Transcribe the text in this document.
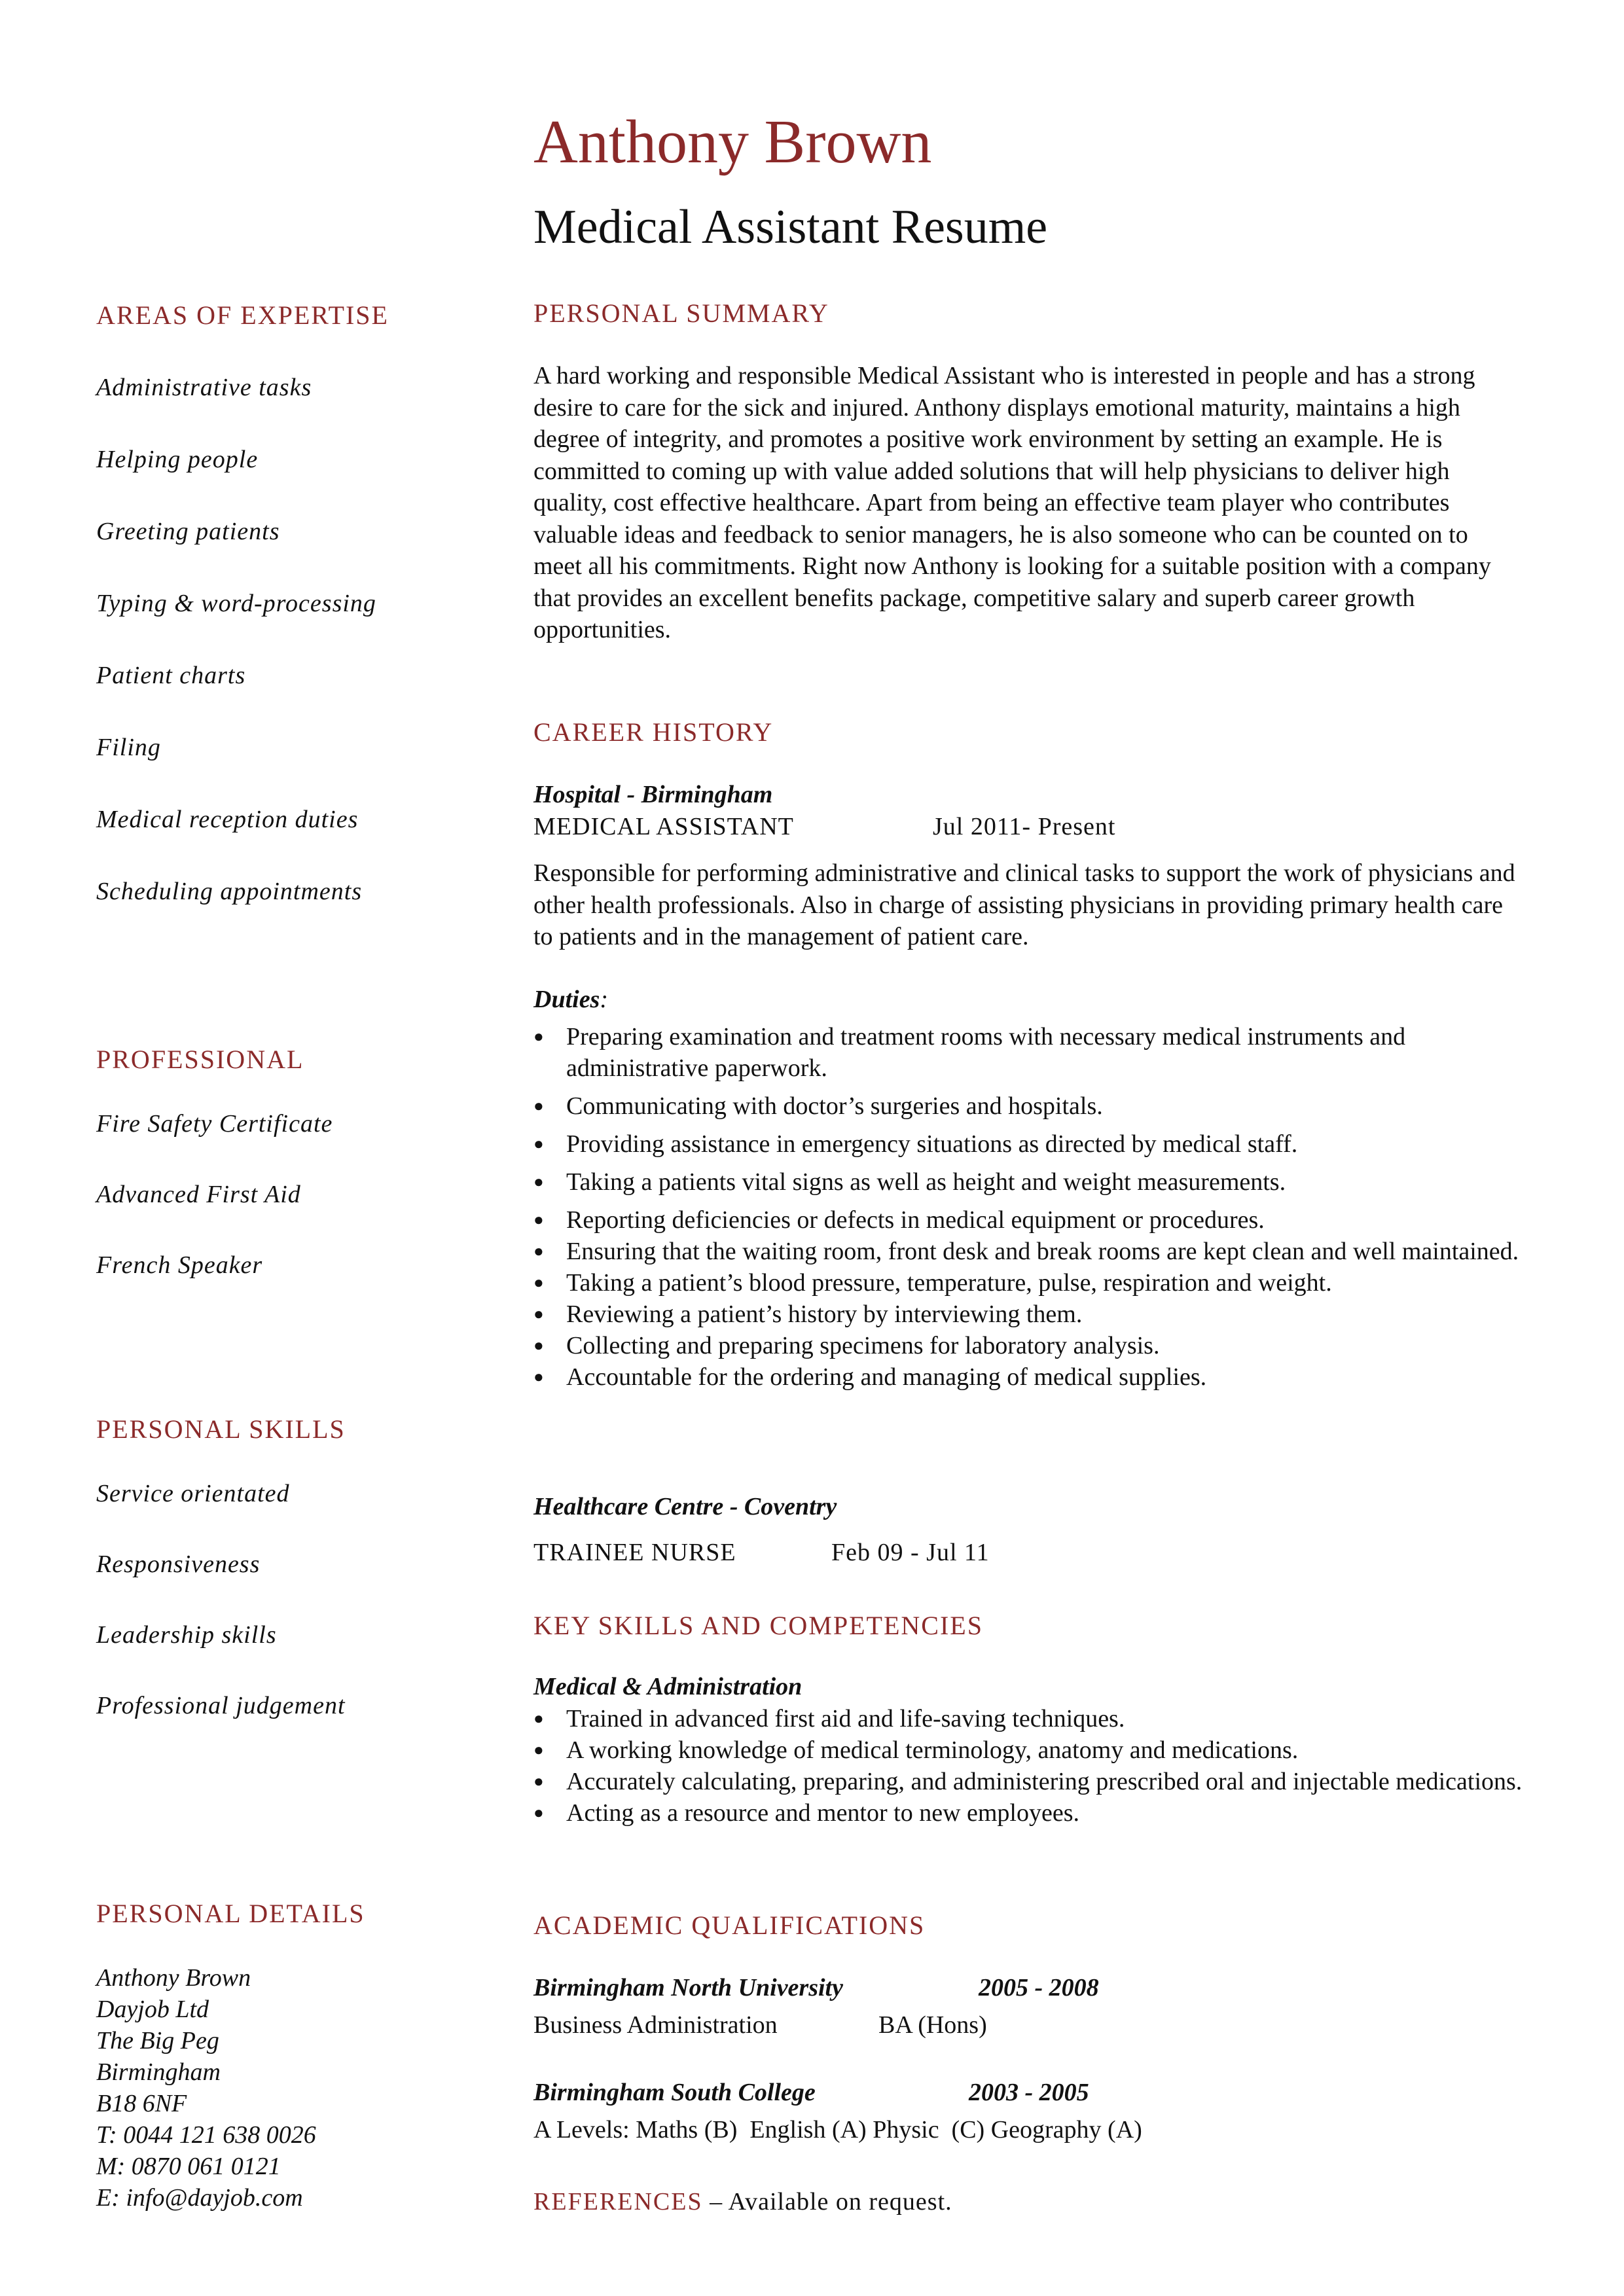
Anthony Brown
Medical Assistant Resume
AREAS OF EXPERTISE
Administrative tasks
Helping people
Greeting patients
Typing & word-processing
Patient charts
Filing
Medical reception duties
Scheduling appointments
PROFESSIONAL
Fire Safety Certificate
Advanced First Aid
French Speaker
PERSONAL SKILLS
Service orientated
Responsiveness
Leadership skills
Professional judgement
PERSONAL DETAILS
Anthony Brown
Dayjob Ltd
The Big Peg
Birmingham
B18 6NF
T: 0044 121 638 0026
M: 0870 061 0121
E: info@dayjob.com
PERSONAL SUMMARY

A hard working and responsible Medical Assistant who is interested in people and has a strong desire to care for the sick and injured. Anthony displays emotional maturity, maintains a high degree of integrity, and promotes a positive work environment by setting an example. He is committed to coming up with value added solutions that will help physicians to deliver high quality, cost effective healthcare. Apart from being an effective team player who contributes valuable ideas and feedback to senior managers, he is also someone who can be counted on to meet all his commitments. Right now Anthony is looking for a suitable position with a company that provides an excellent benefits package, competitive salary and superb career growth opportunities.

CAREER HISTORY
Hospital - Birmingham
MEDICAL ASSISTANT	Jul 2011- Present

Responsible for performing administrative and clinical tasks to support the work of physicians and other health professionals. Also in charge of assisting physicians in providing primary health care to patients and in the management of patient care.

Duties:
● Preparing examination and treatment rooms with necessary medical instruments and administrative paperwork.
● Communicating with doctor’s surgeries and hospitals.
● Providing assistance in emergency situations as directed by medical staff.
● Taking a patients vital signs as well as height and weight measurements.
● Reporting deficiencies or defects in medical equipment or procedures.
● Ensuring that the waiting room, front desk and break rooms are kept clean and well maintained.
● Taking a patient’s blood pressure, temperature, pulse, respiration and weight.
● Reviewing a patient’s history by interviewing them.
● Collecting and preparing specimens for laboratory analysis.
● Accountable for the ordering and managing of medical supplies.
Healthcare Centre - Coventry
TRAINEE NURSE	Feb 09 - Jul 11
KEY SKILLS AND COMPETENCIES
Medical & Administration
● Trained in advanced first aid and life-saving techniques.
● A working knowledge of medical terminology, anatomy and medications.
● Accurately calculating, preparing, and administering prescribed oral and injectable medications.
● Acting as a resource and mentor to new employees.
ACADEMIC QUALIFICATIONS
Birmingham North University	2005 - 2008
Business Administration	BA (Hons)
Birmingham South College	2003 - 2005
A Levels: Maths (B)  English (A) Physic  (C) Geography (A)
REFERENCES – Available on request.
